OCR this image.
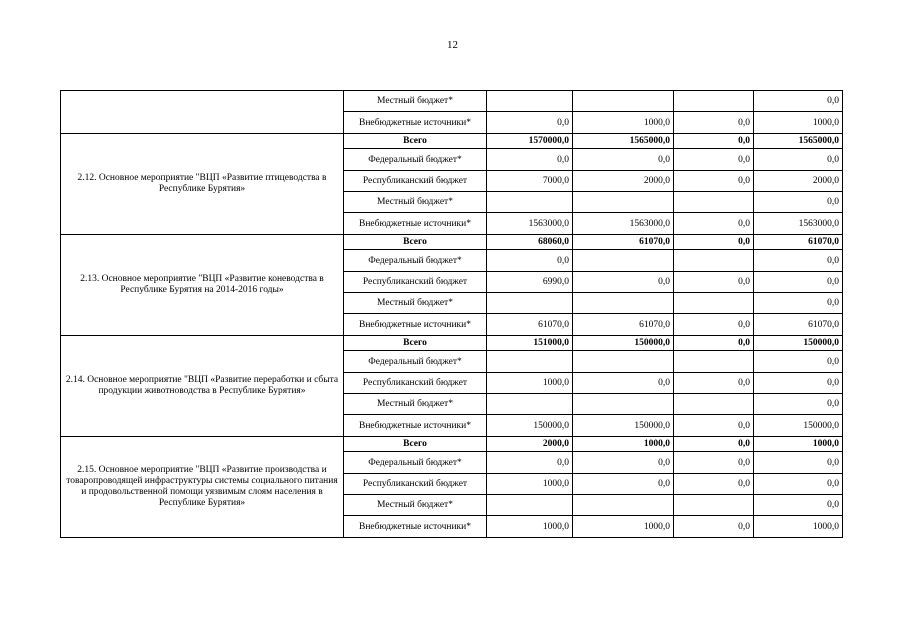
12
	Местный бюджет*				0,0
	Внебюджетные источники*	0,0	1000,0	0,0	1000,0
2.12. Основное мероприятие "ВЦП «Развитие птицеводства в Республике Бурятия»	Всего	1570000,0	1565000,0	0,0	1565000,0
	Федеральный бюджет*	0,0	0,0	0,0	0,0
	Республиканский бюджет	7000,0	2000,0	0,0	2000,0
	Местный бюджет*				0,0
	Внебюджетные источники*	1563000,0	1563000,0	0,0	1563000,0
2.13. Основное мероприятие "ВЦП «Развитие коневодства в Республике Бурятия на 2014-2016 годы»	Всего	68060,0	61070,0	0,0	61070,0
	Федеральный бюджет*	0,0			0,0
	Республиканский бюджет	6990,0	0,0	0,0	0,0
	Местный бюджет*				0,0
	Внебюджетные источники*	61070,0	61070,0	0,0	61070,0
2.14. Основное мероприятие "ВЦП «Развитие переработки и сбыта продукции животноводства в Республике Бурятия»	Всего	151000,0	150000,0	0,0	150000,0
	Федеральный бюджет*				0,0
	Республиканский бюджет	1000,0	0,0	0,0	0,0
	Местный бюджет*				0,0
	Внебюджетные источники*	150000,0	150000,0	0,0	150000,0
2.15. Основное мероприятие "ВЦП «Развитие производства и товаропроводящей инфраструктуры системы социального питания и продовольственной помощи уязвимым слоям населения в Республике Бурятия»	Всего	2000,0	1000,0	0,0	1000,0
	Федеральный бюджет*	0,0	0,0	0,0	0,0
	Республиканский бюджет	1000,0	0,0	0,0	0,0
	Местный бюджет*				0,0
	Внебюджетные источники*	1000,0	1000,0	0,0	1000,0
